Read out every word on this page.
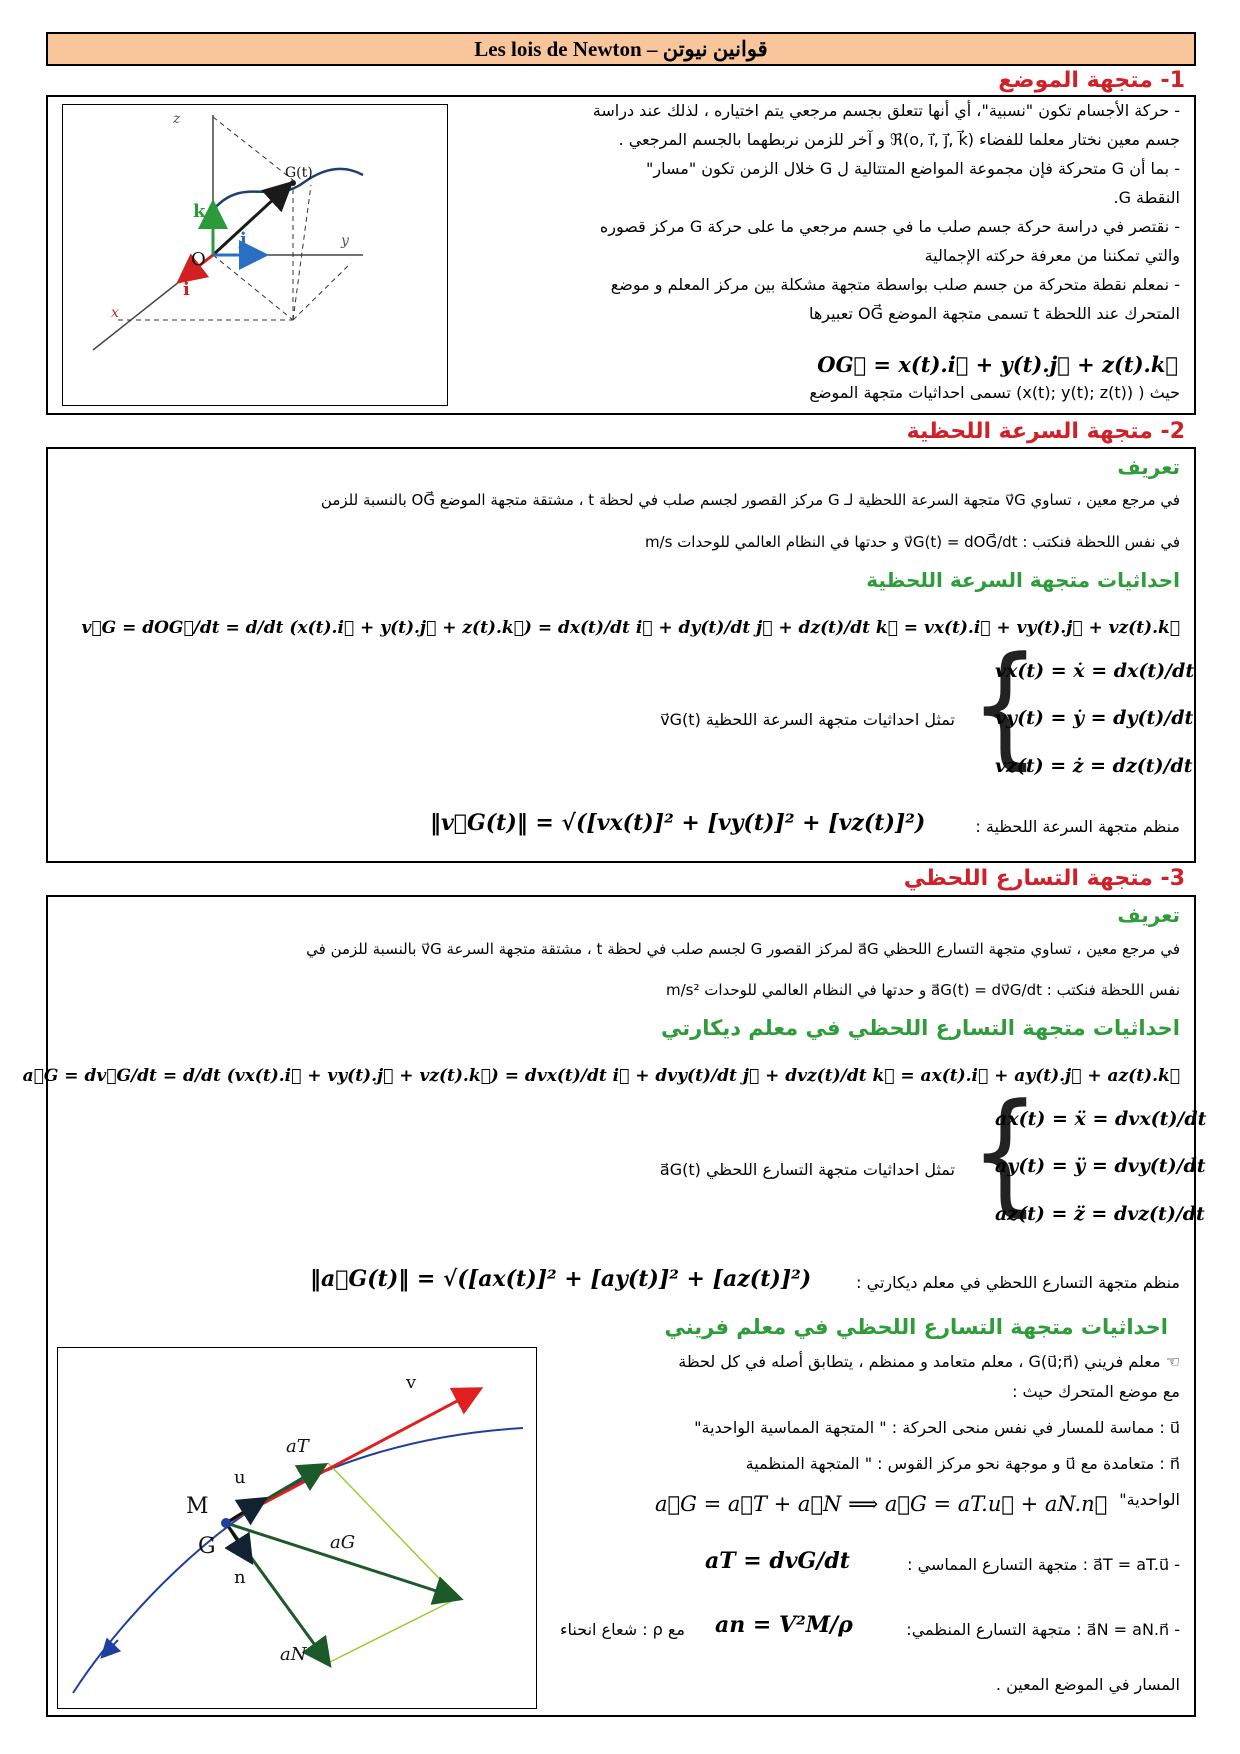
Les lois de Newton – قوانين نيوتن
1- متجهة الموضع
z
y
x
O
G(t)
k
j
i
- حركة الأجسام تكون "نسبية"، أي أنها تتعلق بجسم مرجعي يتم اختياره ، لذلك عند دراسة
جسم معين نختار معلما للفضاء ℜ(o, i⃗, j⃗, k⃗) و آخر للزمن نربطهما بالجسم المرجعي .
- بما أن G متحركة فإن مجموعة المواضع المتتالية ل G خلال الزمن تكون "مسار"
النقطة G.
- نقتصر في دراسة حركة جسم صلب ما في جسم مرجعي ما على حركة G مركز قصوره
والتي تمكننا من معرفة حركته الإجمالية
- نمعلم نقطة متحركة من جسم صلب بواسطة متجهة مشكلة بين مركز المعلم و موضع
المتحرك عند اللحظة t تسمى متجهة الموضع OG⃗ تعبيرها
OG⃗ = x(t).i⃗ + y(t).j⃗ + z(t).k⃗
حيث ( (x(t); y(t); z(t)) تسمى احداثيات متجهة الموضع
2- متجهة السرعة اللحظية
تعريف
في مرجع معين ، تساوي v⃗G متجهة السرعة اللحظية لـ G مركز القصور لجسم صلب في لحظة t ، مشتقة متجهة الموضع OG⃗ بالنسبة للزمن
في نفس اللحظة فنكتب : v⃗G(t) = dOG⃗/dt و حدتها في النظام العالمي للوحدات m/s
احداثيات متجهة السرعة اللحظية
v⃗G = dOG⃗/dt = d/dt (x(t).i⃗ + y(t).j⃗ + z(t).k⃗) = dx(t)/dt i⃗ + dy(t)/dt j⃗ + dz(t)/dt k⃗ = vx(t).i⃗ + vy(t).j⃗ + vz(t).k⃗
{
vx(t) = ẋ = dx(t)/dt
vy(t) = ẏ = dy(t)/dt
vz(t) = ż = dz(t)/dt
تمثل احداثيات متجهة السرعة اللحظية v⃗G(t)
منظم متجهة السرعة اللحظية :
‖v⃗G(t)‖ = √([vx(t)]² + [vy(t)]² + [vz(t)]²)
3- متجهة التسارع اللحظي
تعريف
في مرجع معين ، تساوي متجهة التسارع اللحظي a⃗G لمركز القصور G لجسم صلب في لحظة t ، مشتقة متجهة السرعة v⃗G بالنسبة للزمن في
نفس اللحظة فنكتب : a⃗G(t) = dv⃗G/dt و حدتها في النظام العالمي للوحدات m/s²
احداثيات متجهة التسارع اللحظي في معلم ديكارتي
a⃗G = dv⃗G/dt = d/dt (vx(t).i⃗ + vy(t).j⃗ + vz(t).k⃗) = dvx(t)/dt i⃗ + dvy(t)/dt j⃗ + dvz(t)/dt k⃗ = ax(t).i⃗ + ay(t).j⃗ + az(t).k⃗
{
ax(t) = ẍ = dvx(t)/dt
ay(t) = ÿ = dvy(t)/dt
az(t) = z̈ = dvz(t)/dt
تمثل احداثيات متجهة التسارع اللحظي a⃗G(t)
منظم متجهة التسارع اللحظي في معلم ديكارتي :
‖a⃗G(t)‖ = √([ax(t)]² + [ay(t)]² + [az(t)]²)
احداثيات متجهة التسارع اللحظي في معلم فريني
v
aT
u
M
G
n
aG
aN
☜ معلم فريني (G(u⃗;n⃗ ، معلم متعامد و ممنظم ، يتطابق أصله في كل لحظة
مع موضع المتحرك حيث :
u⃗ : مماسة للمسار في نفس منحى الحركة : " المتجهة المماسية الواحدية"
n⃗ : متعامدة مع u⃗ و موجهة نحو مركز القوس : " المتجهة المنظمية
الواحدية"
a⃗G = a⃗T + a⃗N ⟹ a⃗G = aT.u⃗ + aN.n⃗
- a⃗T = aT.u⃗ : متجهة التسارع المماسي :
aT = dvG/dt
- a⃗N = aN.n⃗ : متجهة التسارع المنظمي:
an = V²M/ρ
مع ρ : شعاع انحناء
المسار في الموضع المعين .
